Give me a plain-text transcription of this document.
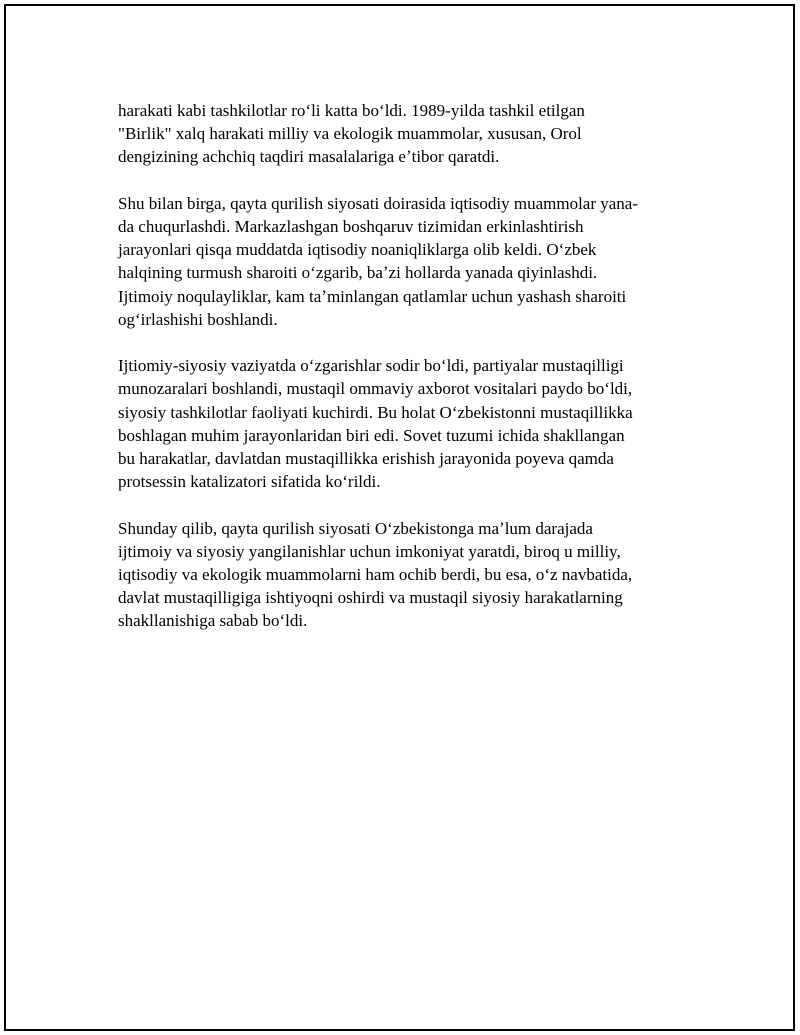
harakati kabi tashkilotlar roʻli katta boʻldi. 1989-yilda tashkil etilgan
"Birlik" xalq harakati milliy va ekologik muammolar, xususan, Orol
dengizining achchiq taqdiri masalalariga eʼtibor qaratdi.

Shu bilan birga, qayta qurilish siyosati doirasida iqtisodiy muammolar yana-
da chuqurlashdi. Markazlashgan boshqaruv tizimidan erkinlashtirish
jarayonlari qisqa muddatda iqtisodiy noaniqliklarga olib keldi. Oʻzbek
halqining turmush sharoiti oʻzgarib, baʼzi hollarda yanada qiyinlashdi.
Ijtimoiy noqulayliklar, kam taʼminlangan qatlamlar uchun yashash sharoiti
ogʻirlashishi boshlandi.

Ijtiomiy-siyosiy vaziyatda oʻzgarishlar sodir boʻldi, partiyalar mustaqilligi
munozaralari boshlandi, mustaqil ommaviy axborot vositalari paydo boʻldi,
siyosiy tashkilotlar faoliyati kuchirdi. Bu holat Oʻzbekistonni mustaqillikka
boshlagan muhim jarayonlaridan biri edi. Sovet tuzumi ichida shakllangan
bu harakatlar, davlatdan mustaqillikka erishish jarayonida poyeva qamda
protsessin katalizatori sifatida koʻrildi.

Shunday qilib, qayta qurilish siyosati Oʻzbekistonga maʼlum darajada
ijtimoiy va siyosiy yangilanishlar uchun imkoniyat yaratdi, biroq u milliy,
iqtisodiy va ekologik muammolarni ham ochib berdi, bu esa, oʻz navbatida,
davlat mustaqilligiga ishtiyoqni oshirdi va mustaqil siyosiy harakatlarning
shakllanishiga sabab boʻldi.
